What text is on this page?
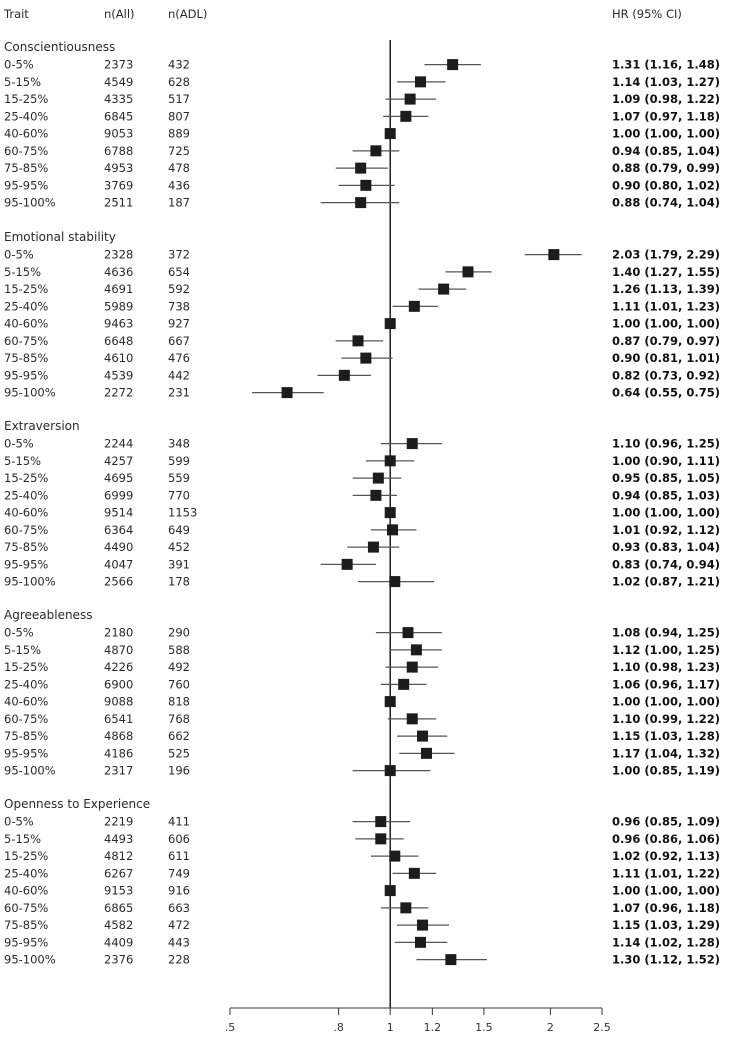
Trait	n(All)	n(ADL)	HR (95% CI)
Conscientiousness
0-5%	2373	432	1.31 (1.16, 1.48)
5-15%	4549	628	1.14 (1.03, 1.27)
15-25%	4335	517	1.09 (0.98, 1.22)
25-40%	6845	807	1.07 (0.97, 1.18)
40-60%	9053	889	1.00 (1.00, 1.00)
60-75%	6788	725	0.94 (0.85, 1.04)
75-85%	4953	478	0.88 (0.79, 0.99)
95-95%	3769	436	0.90 (0.80, 1.02)
95-100%	2511	187	0.88 (0.74, 1.04)
Emotional stability
0-5%	2328	372	2.03 (1.79, 2.29)
5-15%	4636	654	1.40 (1.27, 1.55)
15-25%	4691	592	1.26 (1.13, 1.39)
25-40%	5989	738	1.11 (1.01, 1.23)
40-60%	9463	927	1.00 (1.00, 1.00)
60-75%	6648	667	0.87 (0.79, 0.97)
75-85%	4610	476	0.90 (0.81, 1.01)
95-95%	4539	442	0.82 (0.73, 0.92)
95-100%	2272	231	0.64 (0.55, 0.75)
Extraversion
0-5%	2244	348	1.10 (0.96, 1.25)
5-15%	4257	599	1.00 (0.90, 1.11)
15-25%	4695	559	0.95 (0.85, 1.05)
25-40%	6999	770	0.94 (0.85, 1.03)
40-60%	9514	1153	1.00 (1.00, 1.00)
60-75%	6364	649	1.01 (0.92, 1.12)
75-85%	4490	452	0.93 (0.83, 1.04)
95-95%	4047	391	0.83 (0.74, 0.94)
95-100%	2566	178	1.02 (0.87, 1.21)
Agreeableness
0-5%	2180	290	1.08 (0.94, 1.25)
5-15%	4870	588	1.12 (1.00, 1.25)
15-25%	4226	492	1.10 (0.98, 1.23)
25-40%	6900	760	1.06 (0.96, 1.17)
40-60%	9088	818	1.00 (1.00, 1.00)
60-75%	6541	768	1.10 (0.99, 1.22)
75-85%	4868	662	1.15 (1.03, 1.28)
95-95%	4186	525	1.17 (1.04, 1.32)
95-100%	2317	196	1.00 (0.85, 1.19)
Openness to Experience
0-5%	2219	411	0.96 (0.85, 1.09)
5-15%	4493	606	0.96 (0.86, 1.06)
15-25%	4812	611	1.02 (0.92, 1.13)
25-40%	6267	749	1.11 (1.01, 1.22)
40-60%	9153	916	1.00 (1.00, 1.00)
60-75%	6865	663	1.07 (0.96, 1.18)
75-85%	4582	472	1.15 (1.03, 1.29)
95-95%	4409	443	1.14 (1.02, 1.28)
95-100%	2376	228	1.30 (1.12, 1.52)
.5	.8	1	1.2	1.5	2	2.5
